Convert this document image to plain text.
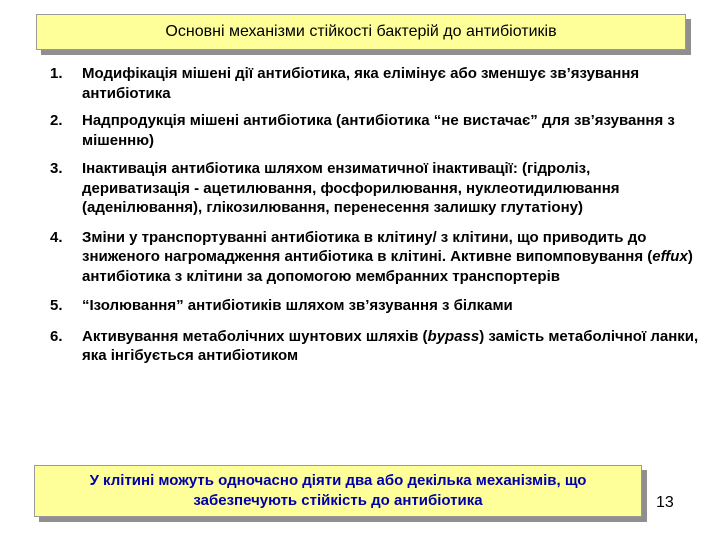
Основні механізми стійкості бактерій до антибіотиків
1.	Модифікація мішені дії антибіотика, яка елімінує або зменшує зв’язування антибіотика
2.	Надпродукція мішені антибіотика (антибіотика “не вистачає” для зв’язування з мішенню)
3.	Інактивація антибіотика шляхом ензиматичної інактивації: (гідроліз, дериватизація - ацетилювання, фосфорилювання, нуклеотидилювання (аденілювання), глікозилювання, перенесення залишку глутатіону)
4.	Зміни у транспортуванні антибіотика в клітину/ з клітини, що приводить до зниженого нагромадження антибіотика в клітині. Активне випомповування (effux) антибіотика з клітини за допомогою мембранних транспортерів
5.	“Ізолювання” антибіотиків шляхом зв’язування з білками
6.	Активування метаболічних шунтових шляхів (bypass) замість метаболічної ланки, яка інгібується антибіотиком
У клітині можуть одночасно діяти два або декілька механізмів, що
забезпечують стійкість до антибіотика	13
